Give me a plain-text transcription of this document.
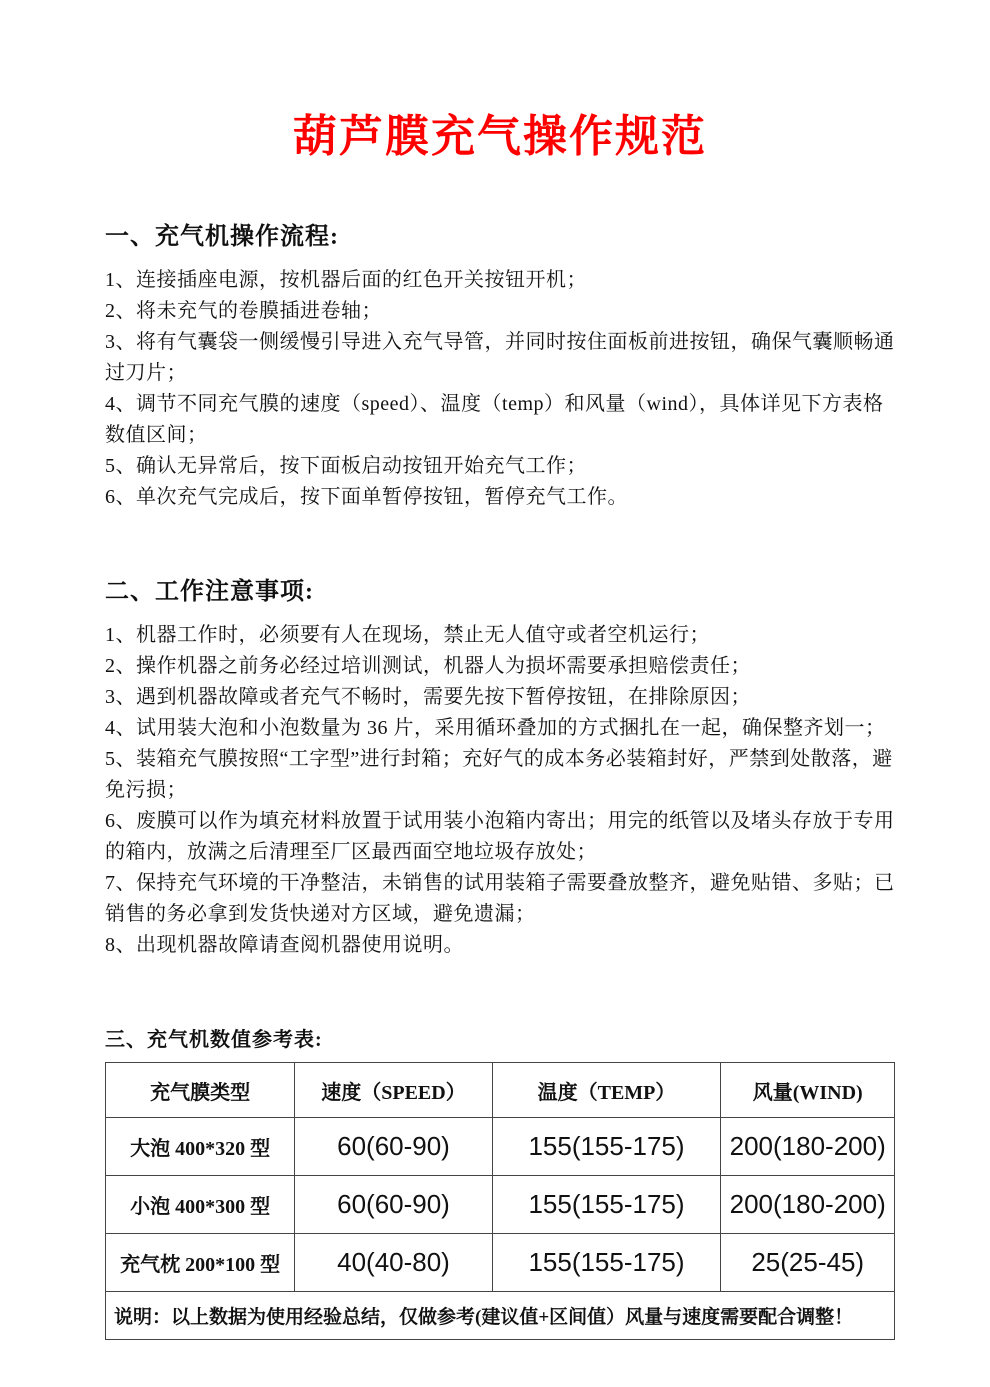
葫芦膜充气操作规范
一、充气机操作流程:
1、连接插座电源，按机器后面的红色开关按钮开机；
2、将未充气的卷膜插进卷轴；
3、将有气囊袋一侧缓慢引导进入充气导管，并同时按住面板前进按钮，确保气囊顺畅通过刀片；
4、调节不同充气膜的速度（speed）、温度（temp）和风量（wind），具体详见下方表格数值区间；
5、确认无异常后，按下面板启动按钮开始充气工作；
6、单次充气完成后，按下面单暂停按钮，暂停充气工作。
二、工作注意事项:
1、机器工作时，必须要有人在现场，禁止无人值守或者空机运行；
2、操作机器之前务必经过培训测试，机器人为损坏需要承担赔偿责任；
3、遇到机器故障或者充气不畅时，需要先按下暂停按钮，在排除原因；
4、试用装大泡和小泡数量为 36 片，采用循环叠加的方式捆扎在一起，确保整齐划一；5、装箱充气膜按照“工字型”进行封箱；充好气的成本务必装箱封好，严禁到处散落，避免污损；
6、废膜可以作为填充材料放置于试用装小泡箱内寄出；用完的纸管以及堵头存放于专用的箱内，放满之后清理至厂区最西面空地垃圾存放处；
7、保持充气环境的干净整洁，未销售的试用装箱子需要叠放整齐，避免贴错、多贴；已销售的务必拿到发货快递对方区域，避免遗漏；
8、出现机器故障请查阅机器使用说明。
三、充气机数值参考表:
充气膜类型	速度（SPEED）	温度（TEMP）	风量(WIND)
大泡 400*320 型	60(60-90)	155(155-175)	200(180-200)
小泡 400*300 型	60(60-90)	155(155-175)	200(180-200)
充气枕 200*100 型	40(40-80)	155(155-175)	25(25-45)
说明：以上数据为使用经验总结，仅做参考(建议值+区间值）风量与速度需要配合调整！			
